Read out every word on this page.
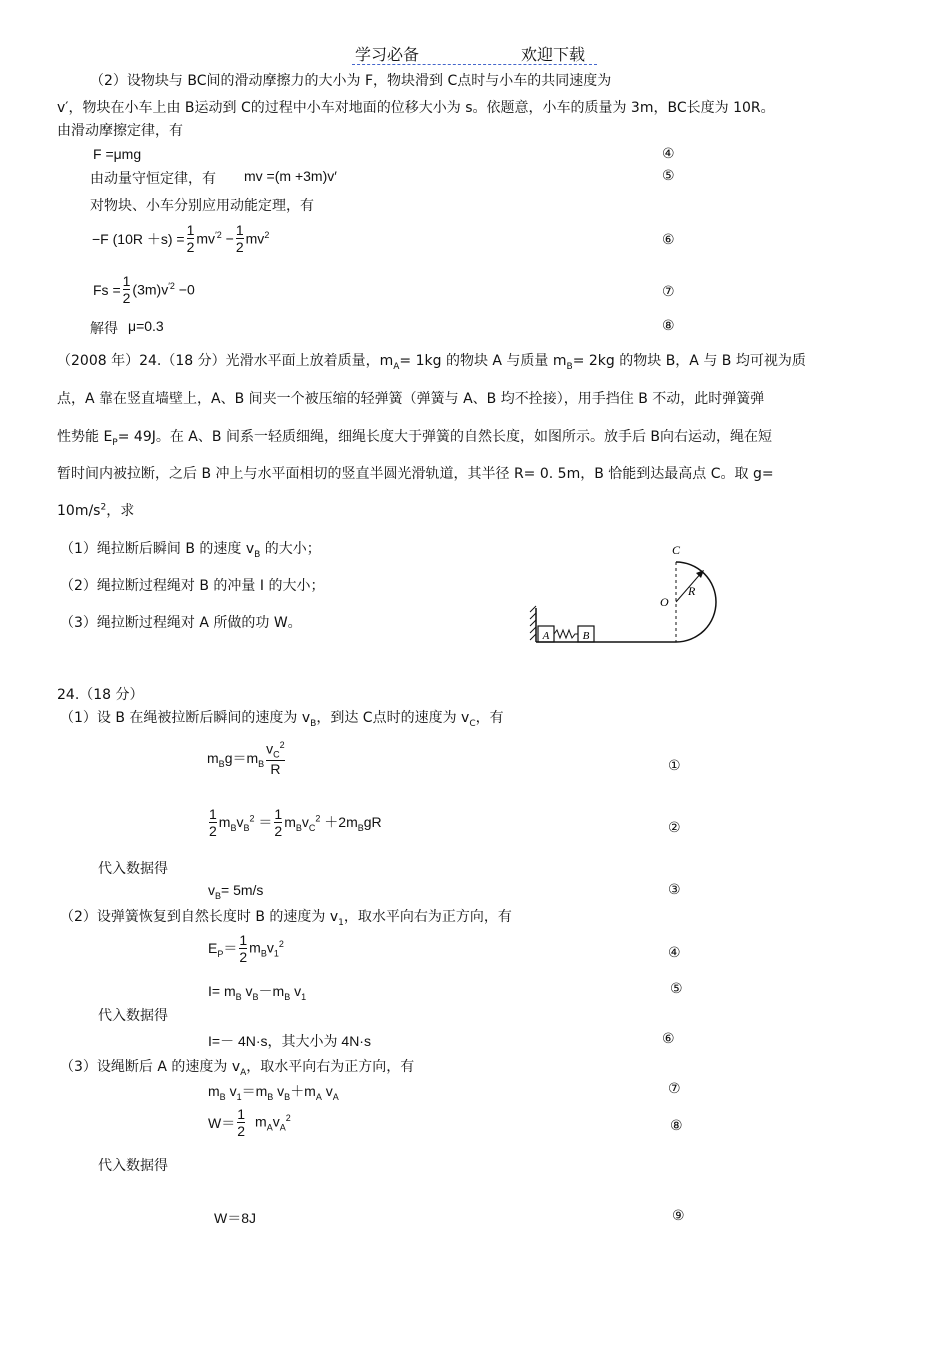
学习必备	欢迎下载
（2）设物块与 BC间的滑动摩擦力的大小为 F，物块滑到 C点时与小车的共同速度为
v′，物块在小车上由 B运动到 C的过程中小车对地面的位移大小为 s。依题意，小车的质量为 3m，BC长度为 10R。
由滑动摩擦定律，有
F =μmg	④
由动量守恒定律，有 mv =(m +3m)v′	⑤
对物块、小车分别应用动能定理，有
−F $(10R +s) = \frac{1}{2} mv^{'2} - \frac{1}{2} mv^2$	⑥
$Fs = \frac{1}{2} (3m)v^{'2} -0$	⑦
解得 μ=0.3	⑧
（2008 年）24.（18 分）光滑水平面上放着质量，$m_A= 1kg$ 的物块 A 与质量 $m_B= 2kg$ 的物块 B，A 与 B 均可视为质
点，A 靠在竖直墙壁上，A、B 间夹一个被压缩的轻弹簧（弹簧与 A、B 均不拴接），用手挡住 B 不动，此时弹簧弹
性势能 $E_P= 49J$。在 A、B 间系一轻质细绳，细绳长度大于弹簧的自然长度，如图所示。放手后 B向右运动，绳在短
暂时间内被拉断，之后 B 冲上与水平面相切的竖直半圆光滑轨道，其半径 R= 0. 5m，B 恰能到达最高点 C。取 g=
$10m/s^2$，求
（1）绳拉断后瞬间 B 的速度 $v_B$ 的大小；
（2）绳拉断过程绳对 B 的冲量 I 的大小；
（3）绳拉断过程绳对 A 所做的功 W。
A	B
C
O
R
24.（18 分）
（1）设 B 在绳被拉断后瞬间的速度为 $v_B$，到达 C点时的速度为 $v_C$，有
$m_Bg=m_B \frac{v_C^2}{R}$	①
$\frac{1}{2} m_Bv_B^2 = \frac{1}{2} m_Bv_C^2 +2m_BgR$	②
代入数据得
$v_B= 5m/s$	③
（2）设弹簧恢复到自然长度时 B 的速度为 $v_1$，取水平向右为正方向，有
$E_P= \frac{1}{2} m_Bv_1^2$
④
$I= m_B$ $v_B-m_B$ $v_1$	⑤
代入数据得
I=－ 4N·s，其大小为 4N·s	⑥
（3）设绳断后 A 的速度为 $v_A$，取水平向右为正方向，有
$m_B$ $v_1=m_B$ $v_B+m_A$ $v_A$	⑦
$W= \frac{1}{2} m_Av_A^2$
⑧
代入数据得
W＝8J	⑨
